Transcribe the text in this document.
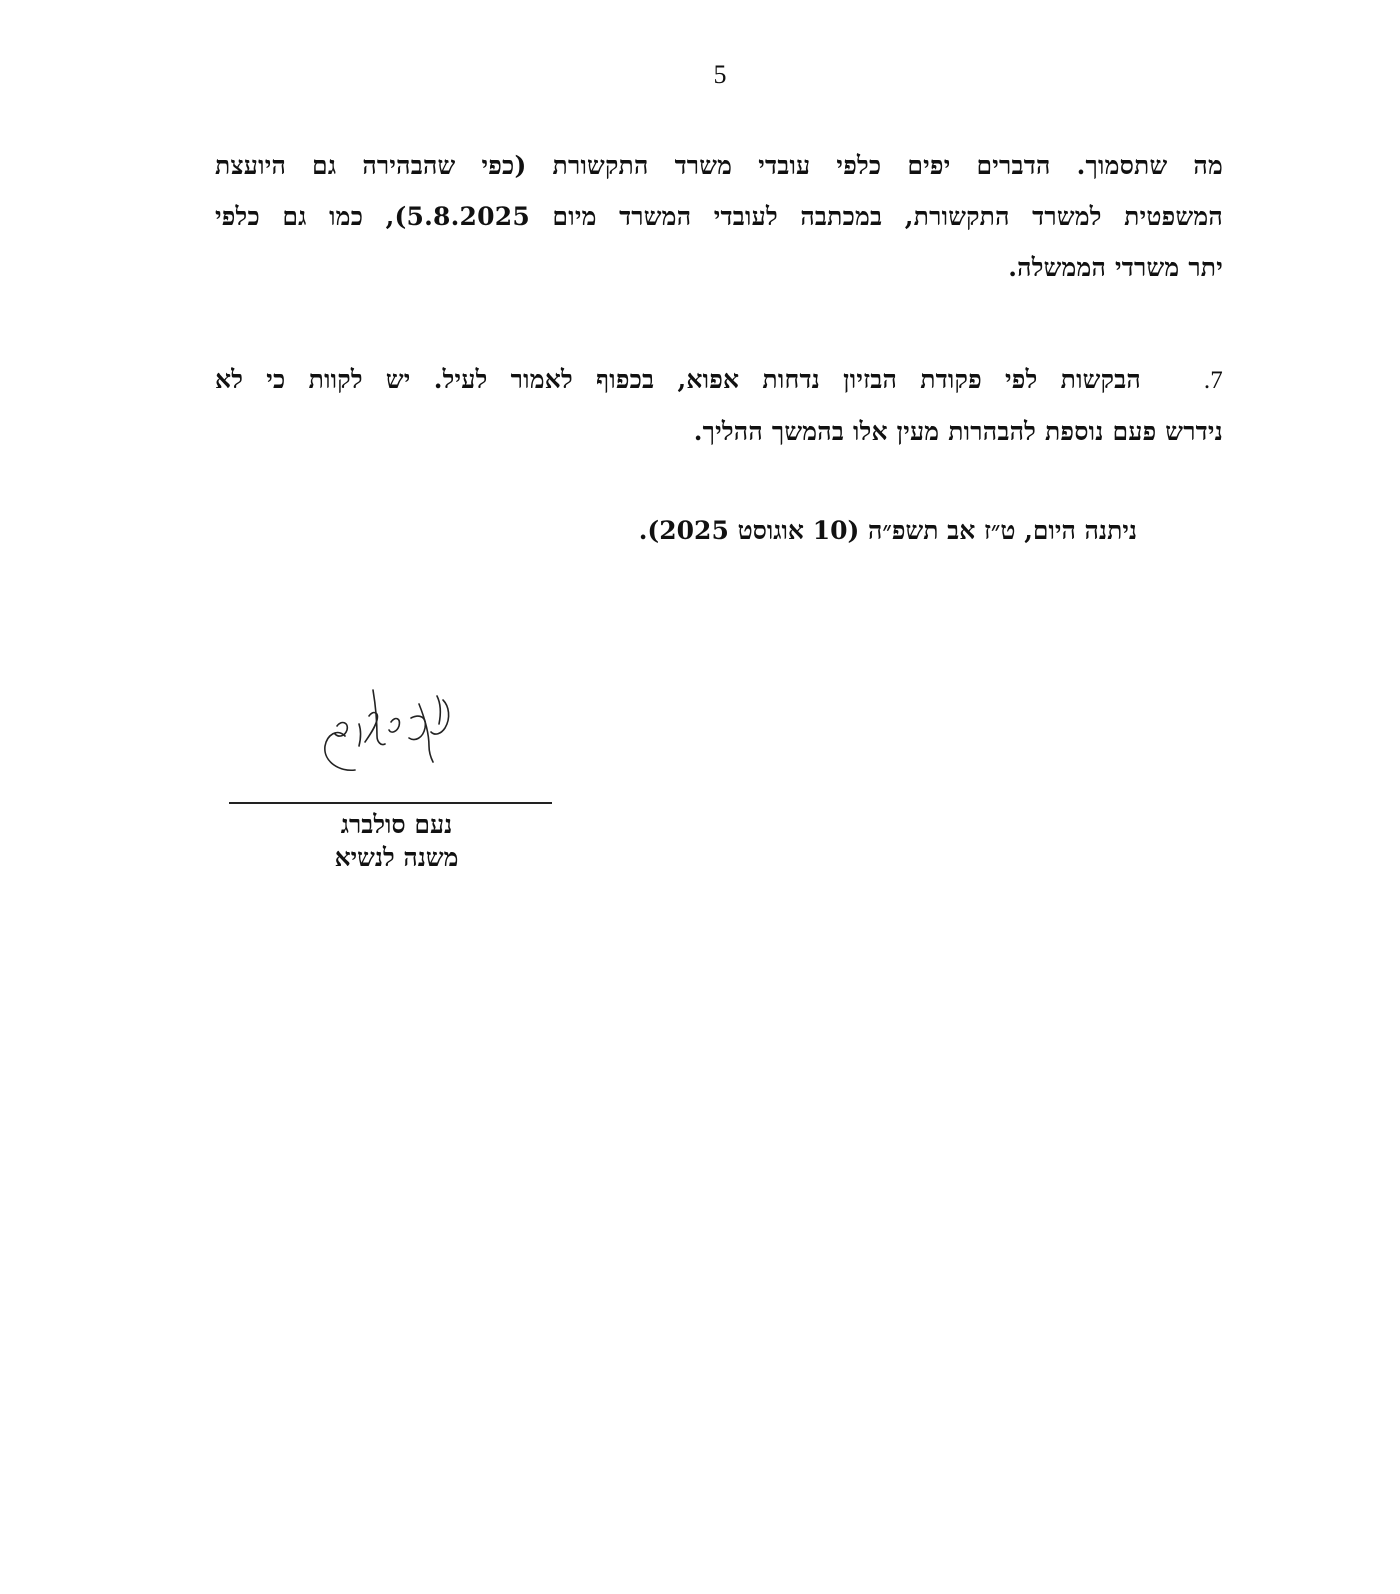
5
מה שתסמוך. הדברים יפים כלפי עובדי משרד התקשורת (כפי שהבהירה גם היועצת
המשפטית למשרד התקשורת, במכתבה לעובדי המשרד מיום 5.8.2025), כמו גם כלפי
יתר משרדי הממשלה.
7.הבקשות לפי פקודת הבזיון נדחות אפוא, בכפוף לאמור לעיל. יש לקוות כי לא
נידרש פעם נוספת להבהרות מעין אלו בהמשך ההליך.
ניתנה היום, ט״ז אב תשפ״ה (10 אוגוסט 2025).
נעם סולברג
משנה לנשיא
